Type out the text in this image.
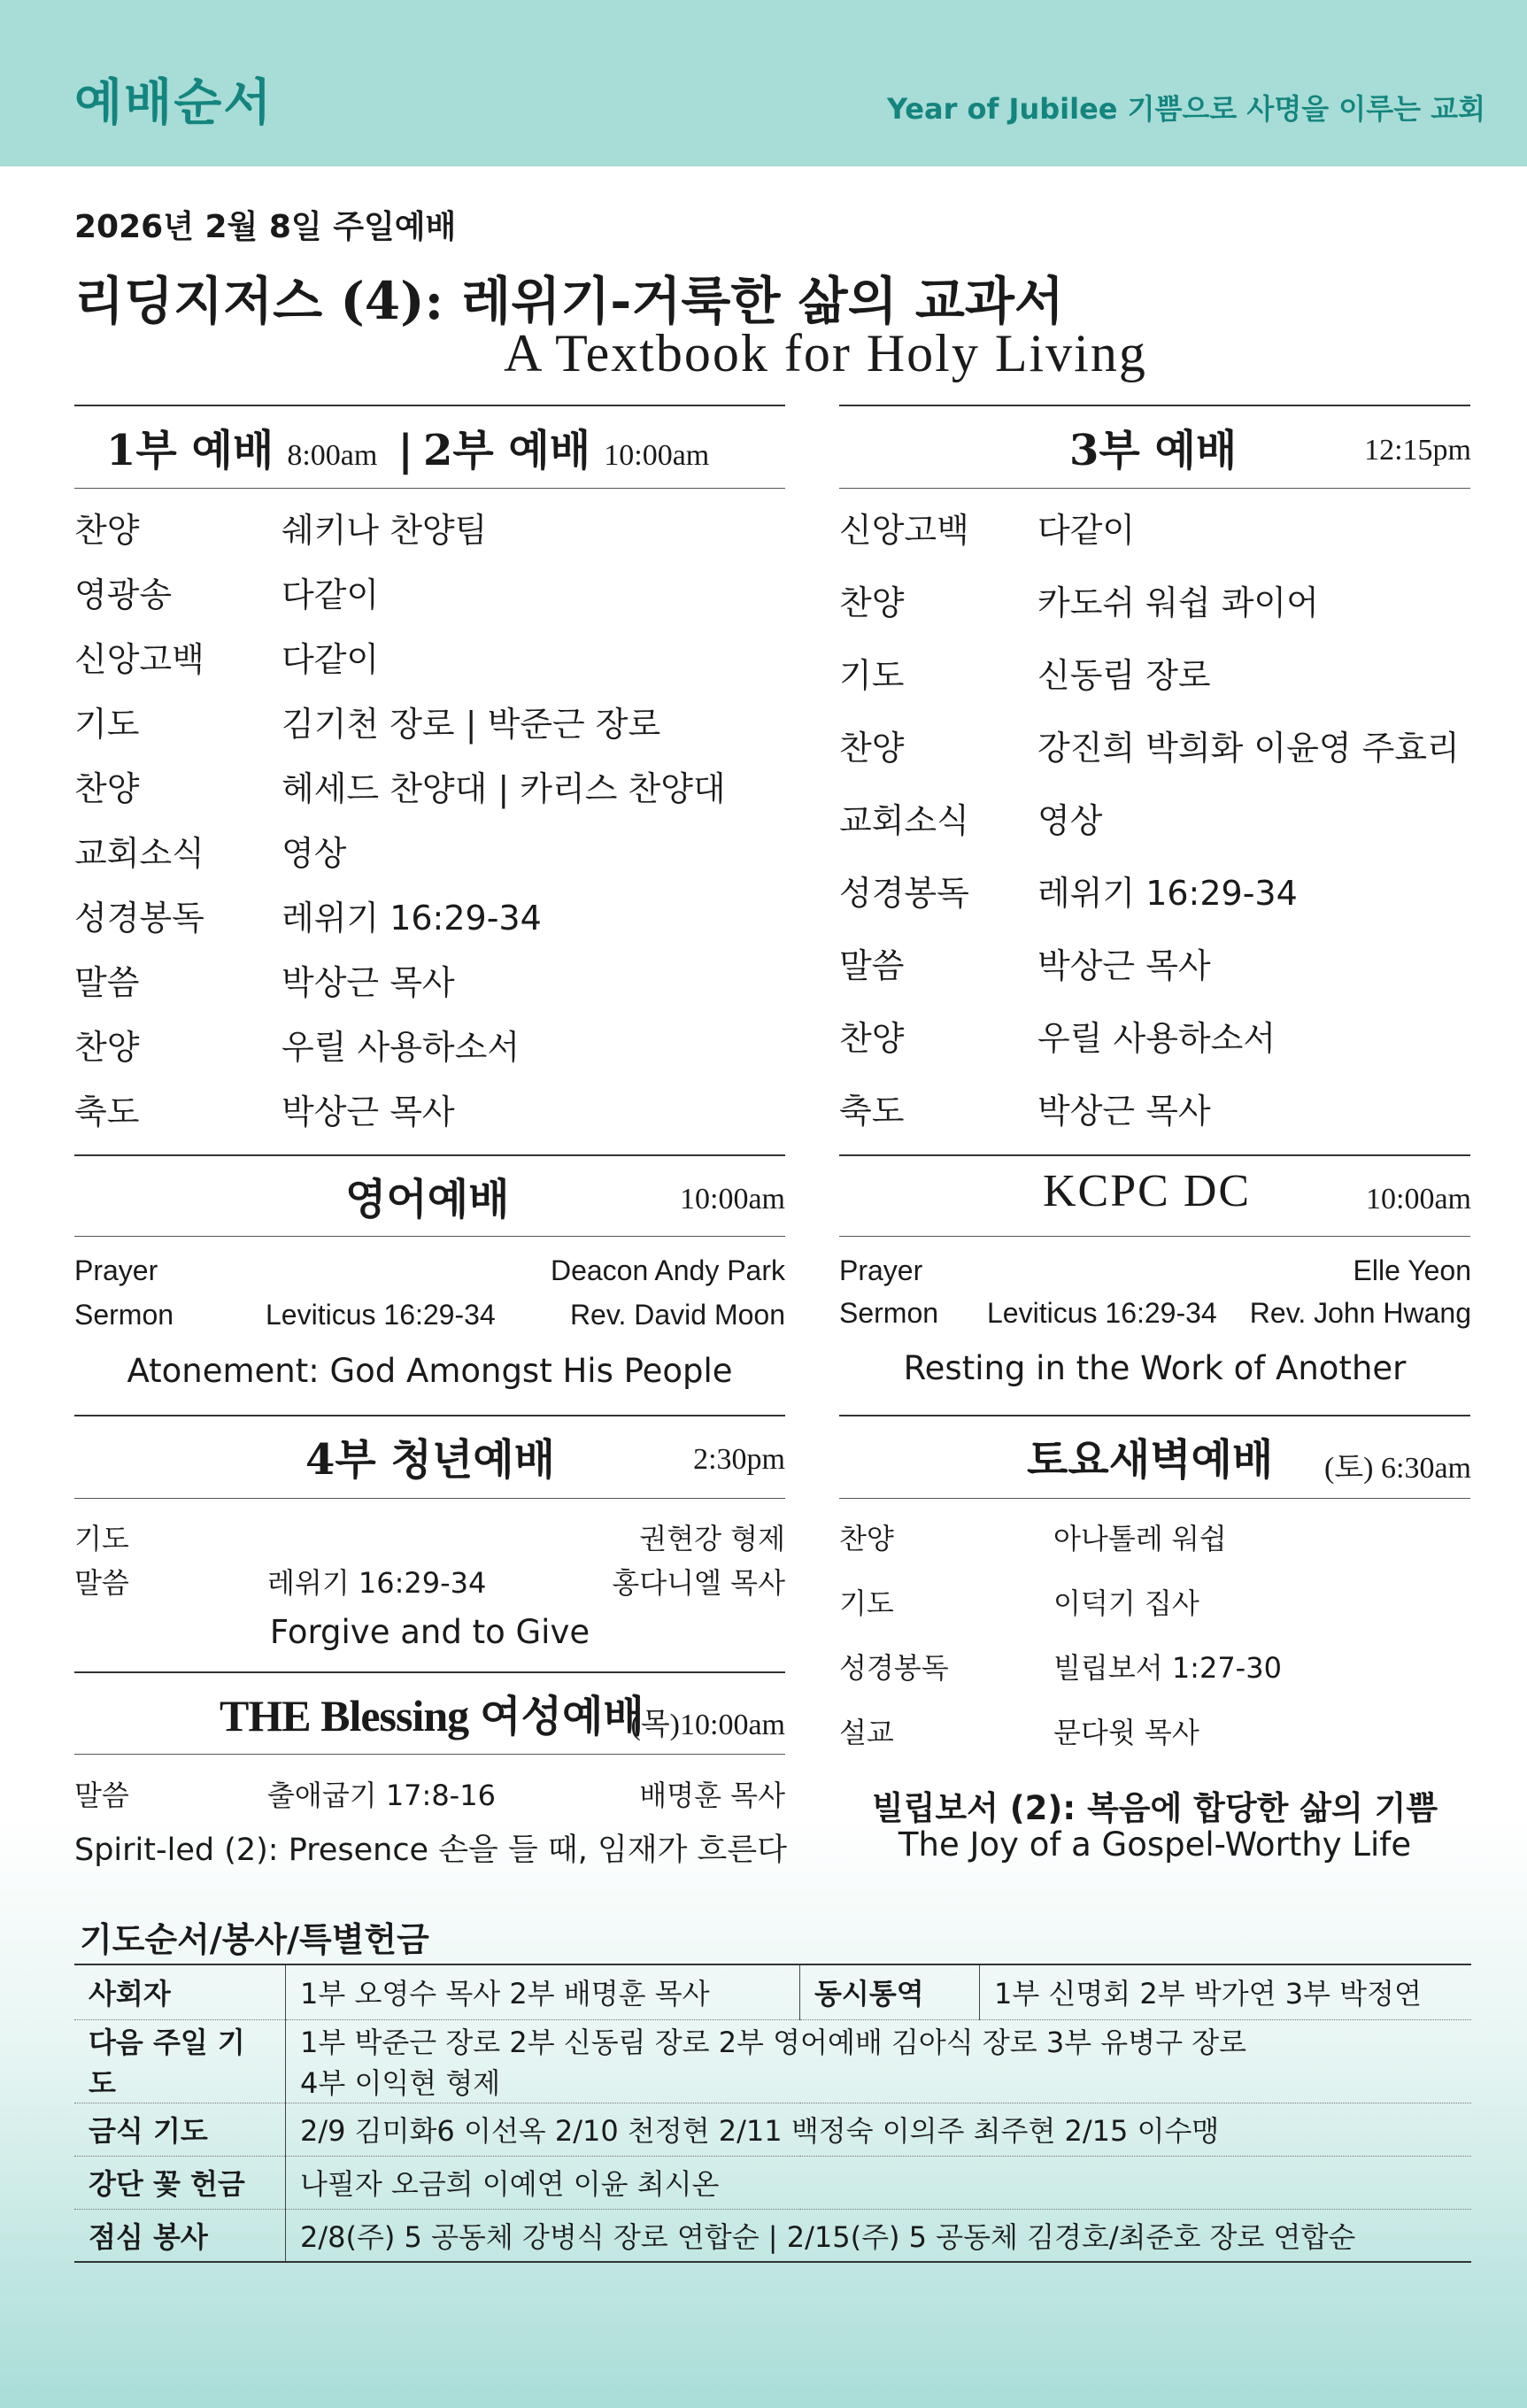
예배순서	Year of Jubilee 기쁨으로 사명을 이루는 교회
2026년 2월 8일 주일예배
리딩지저스 (4): 레위기-거룩한 삶의 교과서
A Textbook for Holy Living
1부 예배 8:00am | 2부 예배 10:00am
찬양	쉐키나 찬양팀
영광송	다같이
신앙고백 다같이
기도	김기천 장로 | 박준근 장로
찬양	헤세드 찬양대 | 카리스 찬양대
교회소식 영상
성경봉독 레위기 16:29-34
말씀	박상근 목사
찬양	우릴 사용하소서
축도	박상근 목사
3부 예배	12:15pm
신앙고백 다같이
찬양	카도쉬 워쉽 콰이어
기도	신동림 장로
찬양	강진희 박희화 이윤영 주효리
교회소식 영상
성경봉독 레위기 16:29-34
말씀	박상근 목사
찬양	우릴 사용하소서
축도	박상근 목사
영어예배	10:00am
Prayer	Deacon Andy Park
Sermon	Leviticus 16:29-34	Rev. David Moon
Atonement: God Amongst His People
KCPC DC	10:00am
Prayer	Elle Yeon
Sermon Leviticus 16:29-34 Rev. John Hwang
Resting in the Work of Another
4부 청년예배	2:30pm
기도	권현강 형제
말씀	레위기 16:29-34	홍다니엘 목사
Forgive and to Give
THE Blessing 여성예배
(목)10:00am
말씀	출애굽기 17:8-16	배명훈 목사
Spirit-led (2): Presence 손을 들 때, 임재가 흐른다
토요새벽예배 (토) 6:30am
찬양	아나톨레 워쉽
기도	이덕기 집사
성경봉독	빌립보서 1:27-30
설교	문다윗 목사
빌립보서 (2): 복음에 합당한 삶의 기쁨
The Joy of a Gospel-Worthy Life
기도순서/봉사/특별헌금
사회자	1부 오영수 목사 2부 배명훈 목사	동시통역	1부 신명회 2부 박가연 3부 박정연
다음 주일 기도	1부 박준근 장로 2부 신동림 장로 2부 영어예배 김아식 장로 3부 유병구 장로
4부 이익현 형제		

금식 기도	2/9 김미화6 이선옥 2/10 천정현 2/11 백정숙 이의주 최주현 2/15 이수맹		
강단 꽃 헌금	나필자 오금희 이예연 이윤 최시온		
점심 봉사	2/8(주) 5 공동체 강병식 장로 연합순 | 2/15(주) 5 공동체 김경호/최준호 장로 연합순		
